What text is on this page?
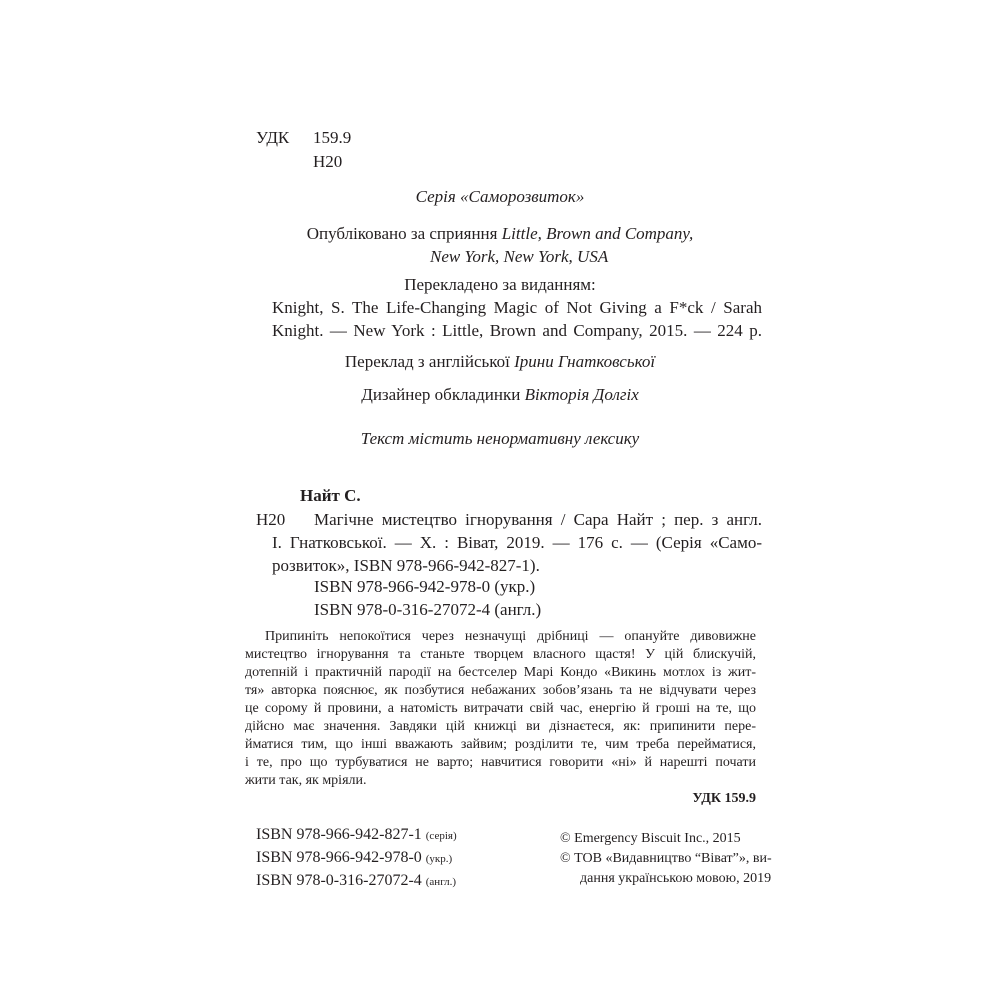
УДК 159.9
Н20
Серія «Саморозвиток»
Опубліковано за сприяння Little, Brown and Company,
New York, New York, USA
Перекладено за виданням:
Knight, S. The Life-Changing Magic of Not Giving a F*ck / Sarah
Knight. — New York : Little, Brown and Company, 2015. — 224 p.
Переклад з англійської Ірини Гнатковської
Дизайнер обкладинки Вікторія Долгіх
Текст містить ненормативну лексику
Найт С.
Н20 Магічне мистецтво ігнорування / Сара Найт ; пер. з англ.
І. Гнатковської. — Х. : Віват, 2019. — 176 с. — (Серія «Само-
розвиток», ISBN 978-966-942-827-1).
ISBN 978-966-942-978-0 (укр.)
ISBN 978-0-316-27072-4 (англ.)
Припиніть непокоїтися через незначущі дрібниці — опануйте дивовижне
мистецтво ігнорування та станьте творцем власного щастя! У цій блискучій,
дотепній і практичній пародії на бестселер Марі Кондо «Викинь мотлох із жит-
тя» авторка пояснює, як позбутися небажаних зобов’язань та не відчувати через
це сорому й провини, а натомість витрачати свій час, енергію й гроші на те, що
дійсно має значення. Завдяки цій книжці ви дізнаєтеся, як: припинити пере-
йматися тим, що інші вважають зайвим; розділити те, чим треба перейматися,
і те, про що турбуватися не варто; навчитися говорити «ні» й нарешті почати
жити так, як мріяли.
УДК 159.9
ISBN 978-966-942-827-1 (серія)
ISBN 978-966-942-978-0 (укр.)
ISBN 978-0-316-27072-4 (англ.)
© Emergency Biscuit Inc., 2015
© ТОВ «Видавництво “Віват”», ви-
дання українською мовою, 2019
